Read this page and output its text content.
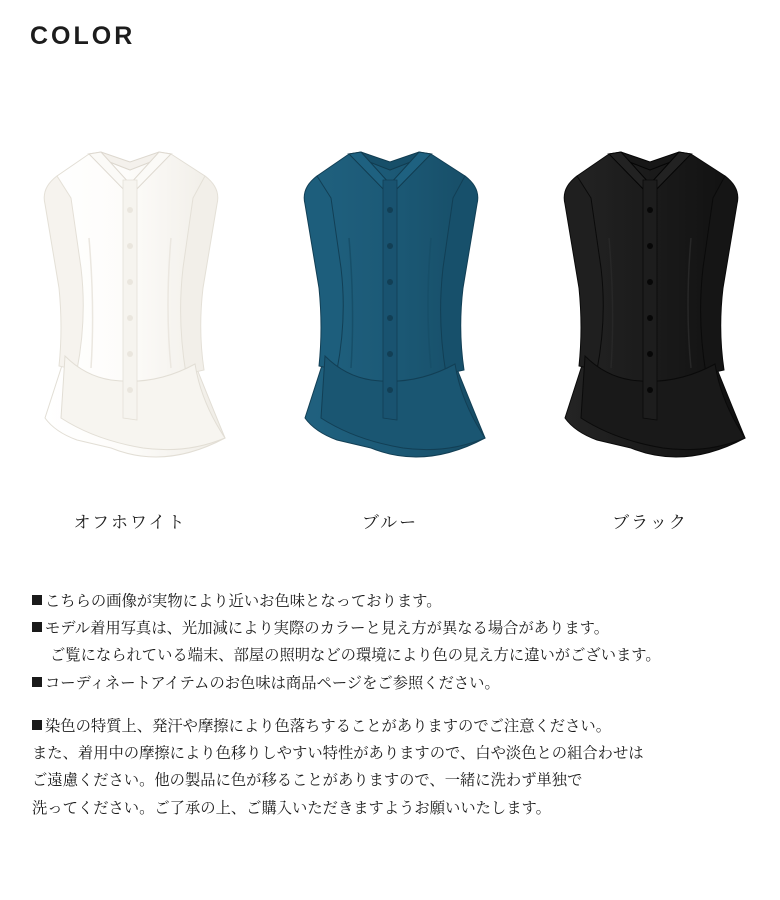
COLOR
オフホワイト	ブルー	ブラック
こちらの画像が実物により近いお色味となっております。
モデル着用写真は、光加減により実際のカラーと見え方が異なる場合があります。
ご覧になられている端末、部屋の照明などの環境により色の見え方に違いがございます。
コーディネートアイテムのお色味は商品ページをご参照ください。
染色の特質上、発汗や摩擦により色落ちすることがありますのでご注意ください。
また、着用中の摩擦により色移りしやすい特性がありますので、白や淡色との組合わせは
ご遠慮ください。他の製品に色が移ることがありますので、一緒に洗わず単独で
洗ってください。ご了承の上、ご購入いただきますようお願いいたします。
